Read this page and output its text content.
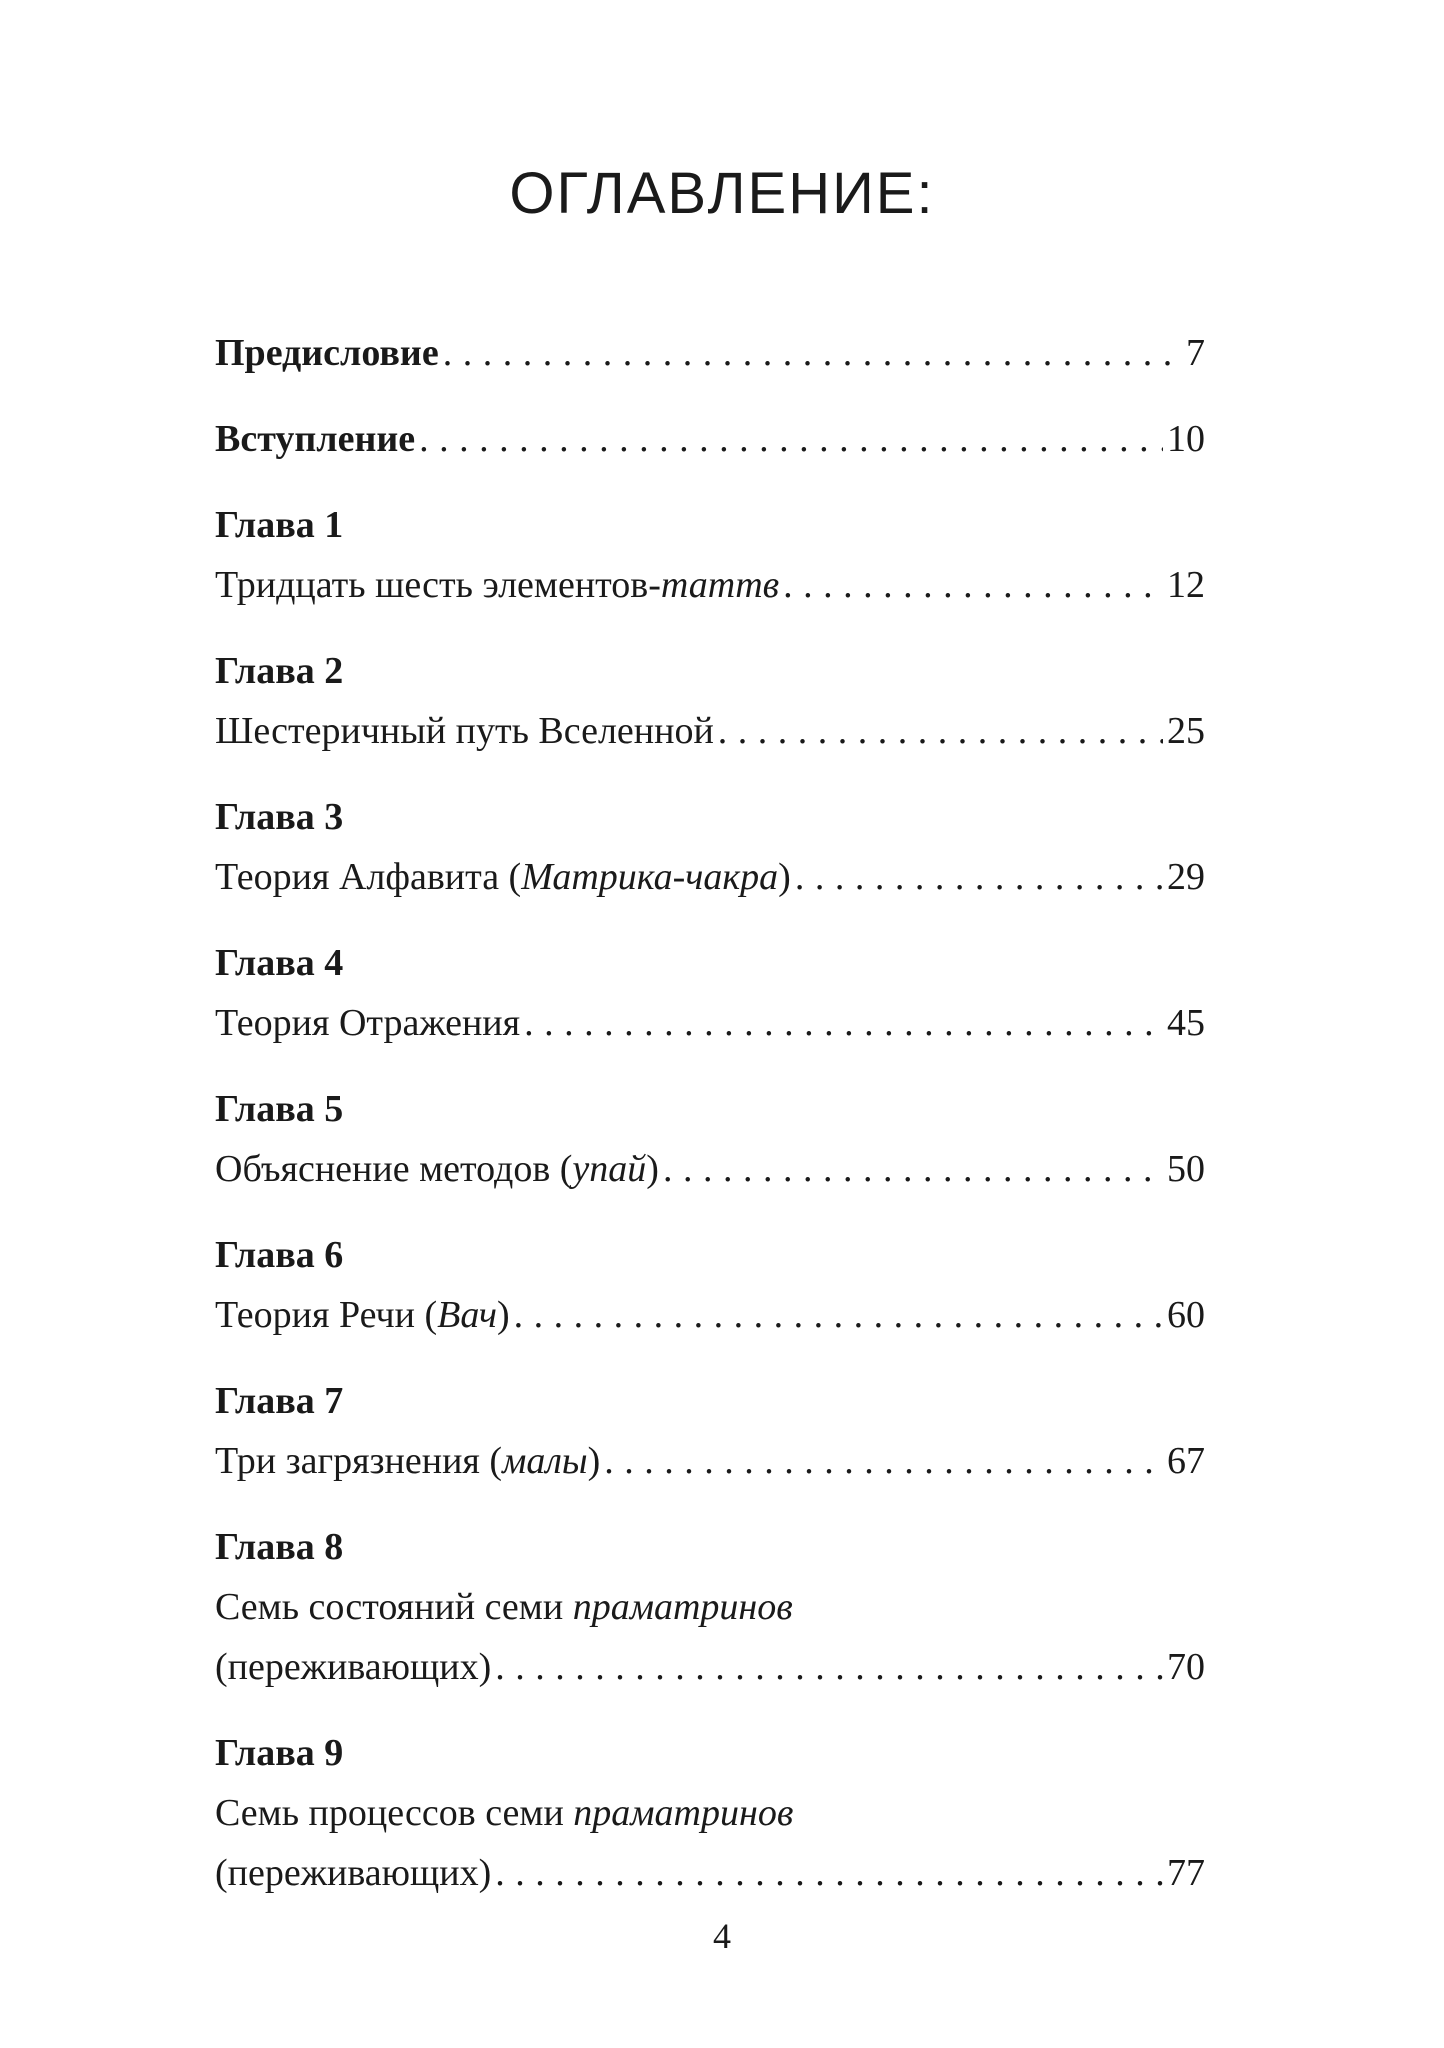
ОГЛАВЛЕНИЕ:
Предисловие . . .	7
Вступление . . .	10
Глава 1
Тридцать шесть элементов-таттв . . .	12
Глава 2
Шестеричный путь Вселенной . . .	25
Глава 3
Теория Алфавита (Матрика-чакра) . . .	29
Глава 4
Теория Отражения . . .	45
Глава 5
Объяснение методов (упай) . . .	50
Глава 6
Теория Речи (Вач) . . .	60
Глава 7
Три загрязнения (малы) . . .	67
Глава 8
Семь состояний семи праматринов
(переживающих) . . .	70
Глава 9
Семь процессов семи праматринов
(переживающих) . . .	77
4
